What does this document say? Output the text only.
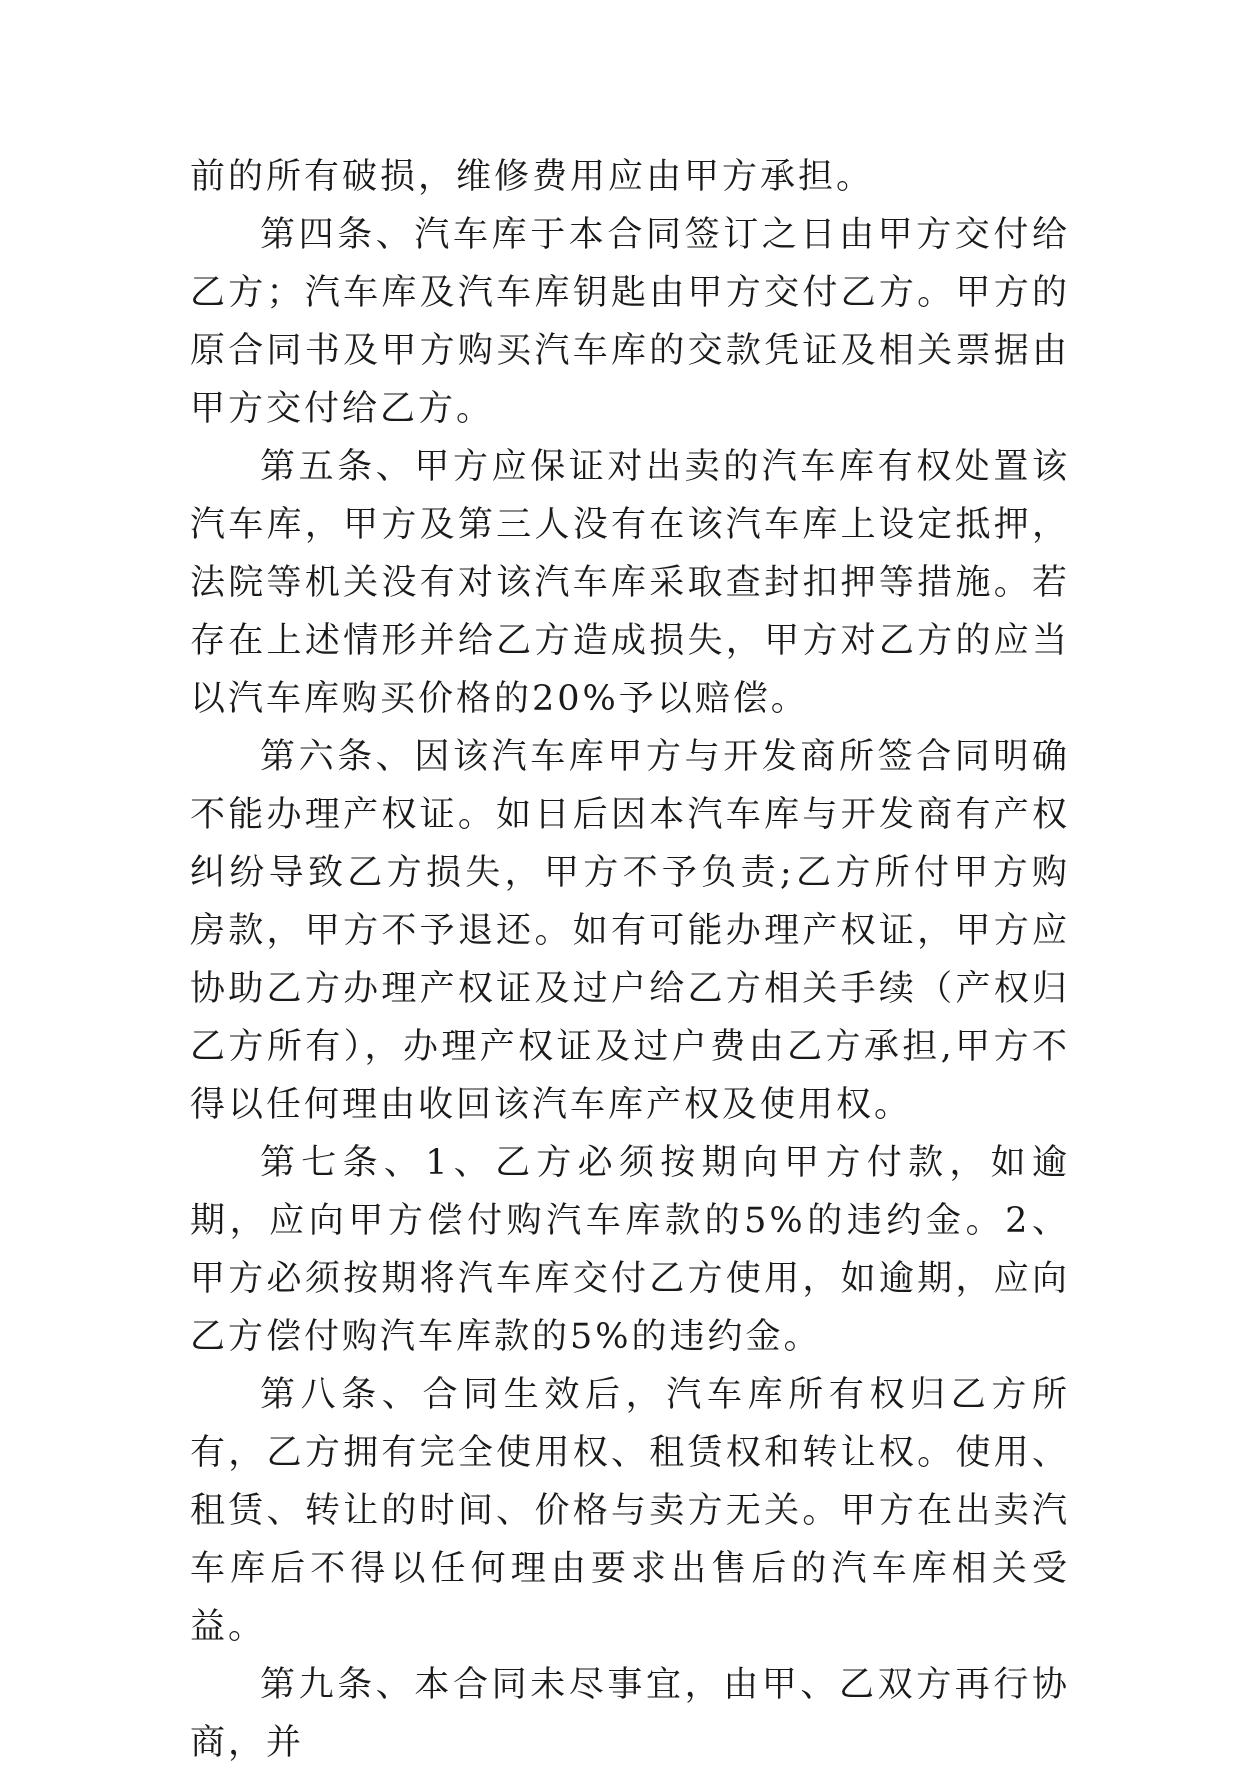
前的所有破损，维修费用应由甲方承担。

第四条、汽车库于本合同签订之日由甲方交付给乙方；汽车库及汽车库钥匙由甲方交付乙方。甲方的原合同书及甲方购买汽车库的交款凭证及相关票据由甲方交付给乙方。

第五条、甲方应保证对出卖的汽车库有权处置该汽车库，甲方及第三人没有在该汽车库上设定抵押，法院等机关没有对该汽车库采取查封扣押等措施。若存在上述情形并给乙方造成损失，甲方对乙方的应当以汽车库购买价格的20%予以赔偿。

第六条、因该汽车库甲方与开发商所签合同明确不能办理产权证。如日后因本汽车库与开发商有产权纠纷导致乙方损失，甲方不予负责;乙方所付甲方购房款，甲方不予退还。如有可能办理产权证，甲方应协助乙方办理产权证及过户给乙方相关手续（产权归乙方所有），办理产权证及过户费由乙方承担,甲方不得以任何理由收回该汽车库产权及使用权。

第七条、1、乙方必须按期向甲方付款，如逾期，应向甲方偿付购汽车库款的5%的违约金。2、甲方必须按期将汽车库交付乙方使用，如逾期，应向乙方偿付购汽车库款的5%的违约金。

第八条、合同生效后，汽车库所有权归乙方所有，乙方拥有完全使用权、租赁权和转让权。使用、租赁、转让的时间、价格与卖方无关。甲方在出卖汽车库后不得以任何理由要求出售后的汽车库相关受益。

第九条、本合同未尽事宜，由甲、乙双方再行协商，并
